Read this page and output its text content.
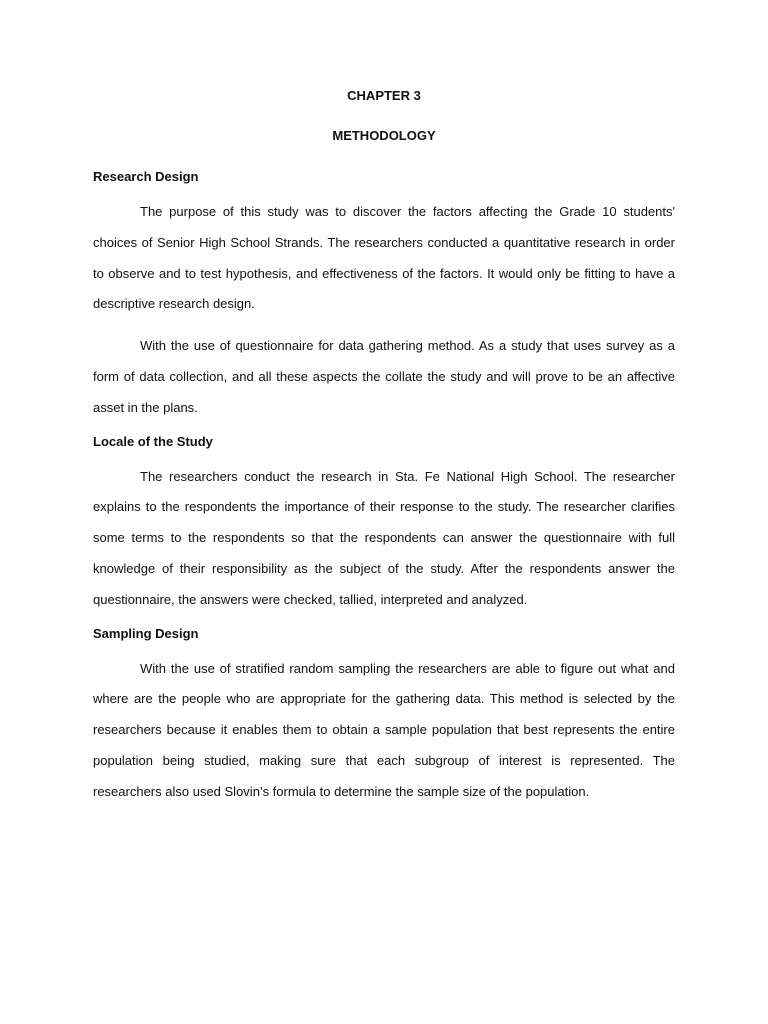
CHAPTER 3

METHODOLOGY

Research Design

The purpose of this study was to discover the factors affecting the Grade 10 students' choices of Senior High School Strands. The researchers conducted a quantitative research in order to observe and to test hypothesis, and effectiveness of the factors. It would only be fitting to have a descriptive research design.

With the use of questionnaire for data gathering method. As a study that uses survey as a form of data collection, and all these aspects the collate the study and will prove to be an affective asset in the plans.

Locale of the Study

The researchers conduct the research in Sta. Fe National High School. The researcher explains to the respondents the importance of their response to the study. The researcher clarifies some terms to the respondents so that the respondents can answer the questionnaire with full knowledge of their responsibility as the subject of the study. After the respondents answer the questionnaire, the answers were checked, tallied, interpreted and analyzed.

Sampling Design

With the use of stratified random sampling the researchers are able to figure out what and where are the people who are appropriate for the gathering data. This method is selected by the researchers because it enables them to obtain a sample population that best represents the entire population being studied, making sure that each subgroup of interest is represented. The researchers also used Slovin’s formula to determine the sample size of the population.
